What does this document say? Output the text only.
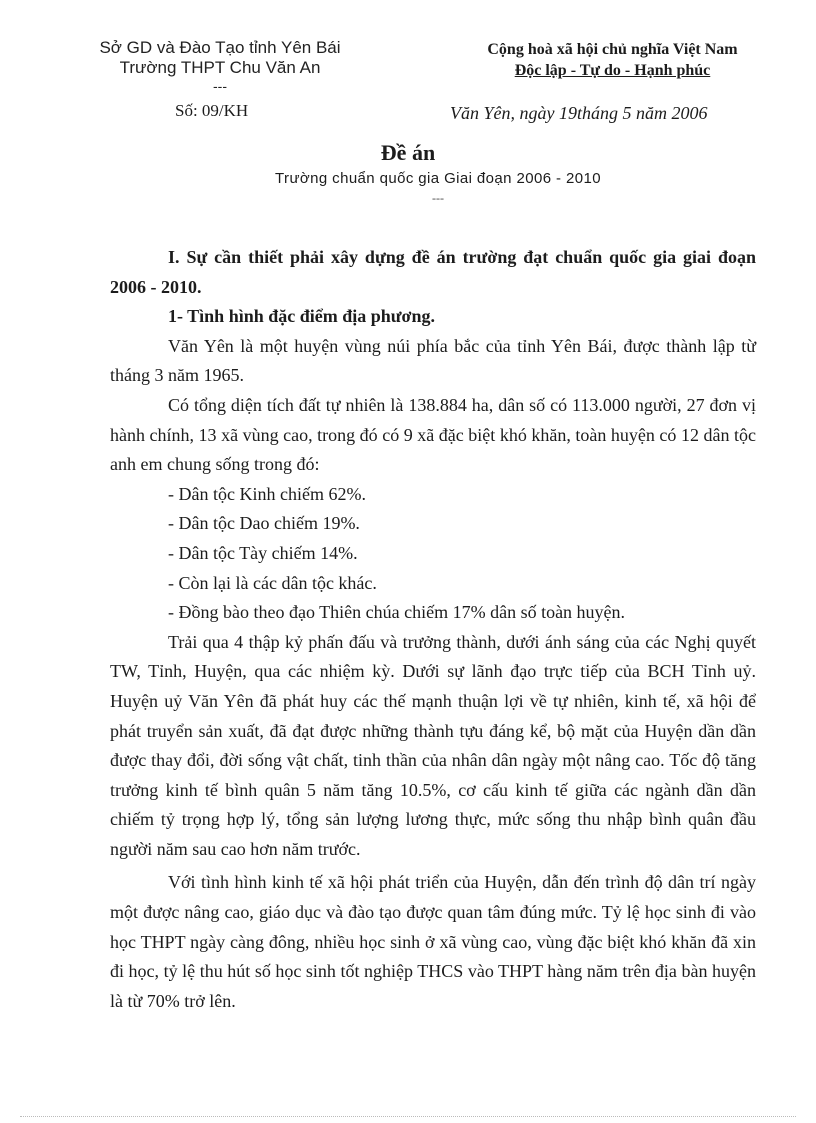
Sở GD và Đào Tạo tỉnh Yên Bái
Trường THPT Chu Văn An
---
Cộng hoà xã hội chủ nghĩa Việt Nam
Độc lập - Tự do - Hạnh phúc
Số: 09/KH	Văn Yên, ngày 19tháng 5 năm 2006
Đề án
Trường chuẩn quốc gia Giai đoạn 2006 - 2010
---

I. Sự cần thiết phải xây dựng đề án trường đạt chuẩn quốc gia giai đoạn 2006 - 2010.

1- Tình hình đặc điểm địa phương.

Văn Yên là một huyện vùng núi phía bắc của tỉnh Yên Bái, được thành lập từ tháng 3 năm 1965.

Có tổng diện tích đất tự nhiên là 138.884 ha, dân số có 113.000 người, 27 đơn vị hành chính, 13 xã vùng cao, trong đó có 9 xã đặc biệt khó khăn, toàn huyện có 12 dân tộc anh em chung sống trong đó:

- Dân tộc Kinh chiếm 62%.

- Dân tộc Dao chiếm 19%.

- Dân tộc Tày chiếm 14%.

- Còn lại là các dân tộc khác.

- Đồng bào theo đạo Thiên chúa chiếm 17% dân số toàn huyện.

Trải qua 4 thập kỷ phấn đấu và trưởng thành, dưới ánh sáng của các Nghị quyết TW, Tỉnh, Huyện, qua các nhiệm kỳ. Dưới sự lãnh đạo trực tiếp của BCH Tỉnh uỷ. Huyện uỷ Văn Yên đã phát huy các thế mạnh thuận lợi về tự nhiên, kinh tế, xã hội để phát truyển sản xuất, đã đạt được những thành tựu đáng kể, bộ mặt của Huyện dần dần được thay đổi, đời sống vật chất, tinh thần của nhân dân ngày một nâng cao. Tốc độ tăng trưởng kinh tế bình quân 5 năm tăng 10.5%, cơ cấu kinh tế giữa các ngành dần dần chiếm tỷ trọng hợp lý, tổng sản lượng lương thực, mức sống thu nhập bình quân đầu người năm sau cao hơn năm trước.

Với tình hình kinh tế xã hội phát triển của Huyện, dẫn đến trình độ dân trí ngày một được nâng cao, giáo dục và đào tạo được quan tâm đúng mức. Tỷ lệ học sinh đi vào học THPT ngày càng đông, nhiều học sinh ở xã vùng cao, vùng đặc biệt khó khăn đã xin đi học, tỷ lệ thu hút số học sinh tốt nghiệp THCS vào THPT hàng năm trên địa bàn huyện là từ 70% trở lên.
